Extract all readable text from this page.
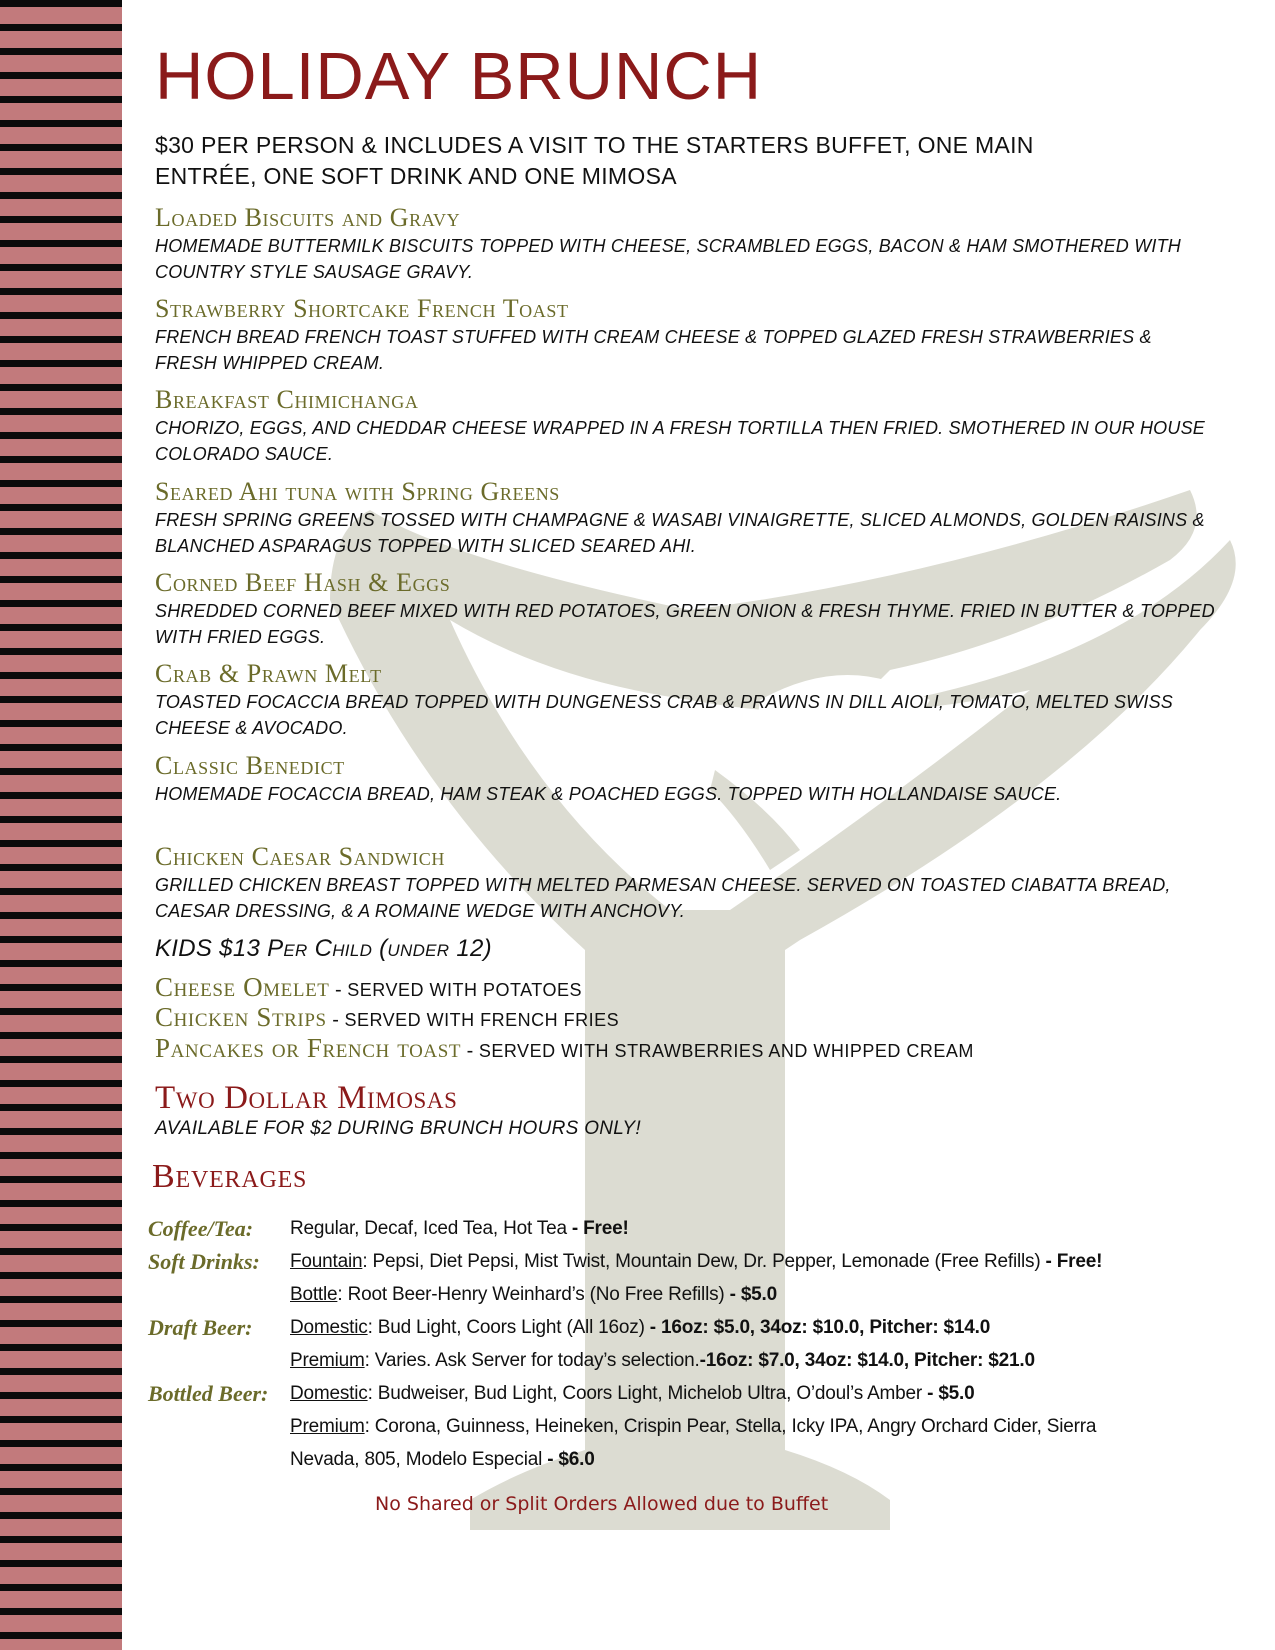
HOLIDAY BRUNCH

$30 PER PERSON & INCLUDES A VISIT TO THE STARTERS BUFFET, ONE MAIN ENTRÉE, ONE SOFT DRINK AND ONE MIMOSA

Loaded Biscuits and Gravy

HOMEMADE BUTTERMILK BISCUITS TOPPED WITH CHEESE, SCRAMBLED EGGS, BACON & HAM SMOTHERED WITH COUNTRY STYLE SAUSAGE GRAVY.

Strawberry Shortcake French Toast

FRENCH BREAD FRENCH TOAST STUFFED WITH CREAM CHEESE & TOPPED GLAZED FRESH STRAWBERRIES & FRESH WHIPPED CREAM.

Breakfast Chimichanga

CHORIZO, EGGS, AND CHEDDAR CHEESE WRAPPED IN A FRESH TORTILLA THEN FRIED. SMOTHERED IN OUR HOUSE COLORADO SAUCE.

Seared Ahi tuna with Spring Greens

FRESH SPRING GREENS TOSSED WITH CHAMPAGNE & WASABI VINAIGRETTE, SLICED ALMONDS, GOLDEN RAISINS & BLANCHED ASPARAGUS TOPPED WITH SLICED SEARED AHI.

Corned Beef Hash & Eggs

SHREDDED CORNED BEEF MIXED WITH RED POTATOES, GREEN ONION & FRESH THYME. FRIED IN BUTTER & TOPPED WITH FRIED EGGS.

Crab & Prawn Melt

TOASTED FOCACCIA BREAD TOPPED WITH DUNGENESS CRAB & PRAWNS IN DILL AIOLI, TOMATO, MELTED SWISS CHEESE & AVOCADO.

Classic Benedict

HOMEMADE FOCACCIA BREAD, HAM STEAK & POACHED EGGS. TOPPED WITH HOLLANDAISE SAUCE.

Chicken Caesar Sandwich

GRILLED CHICKEN BREAST TOPPED WITH MELTED PARMESAN CHEESE. SERVED ON TOASTED CIABATTA BREAD, CAESAR DRESSING, & A ROMAINE WEDGE WITH ANCHOVY.

KIDS $13 Per Child (under 12)

Cheese Omelet - SERVED WITH POTATOES
Chicken Strips - SERVED WITH FRENCH FRIES
Pancakes or French toast - SERVED WITH STRAWBERRIES AND WHIPPED CREAM

Two Dollar Mimosas

AVAILABLE FOR $2 DURING BRUNCH HOURS ONLY!

Beverages

Coffee/Tea: Regular, Decaf, Iced Tea, Hot Tea - Free!
Soft Drinks: Fountain: Pepsi, Diet Pepsi, Mist Twist, Mountain Dew, Dr. Pepper, Lemonade (Free Refills) - Free!
Bottle: Root Beer-Henry Weinhard’s (No Free Refills) - $5.0
Draft Beer: Domestic: Bud Light, Coors Light (All 16oz) - 16oz: $5.0, 34oz: $10.0, Pitcher: $14.0
Premium: Varies. Ask Server for today’s selection.-16oz: $7.0, 34oz: $14.0, Pitcher: $21.0
Bottled Beer: Domestic: Budweiser, Bud Light, Coors Light, Michelob Ultra, O’doul’s Amber - $5.0
Premium: Corona, Guinness, Heineken, Crispin Pear, Stella, Icky IPA, Angry Orchard Cider, Sierra
Nevada, 805, Modelo Especial - $6.0

No Shared or Split Orders Allowed due to Buffet
